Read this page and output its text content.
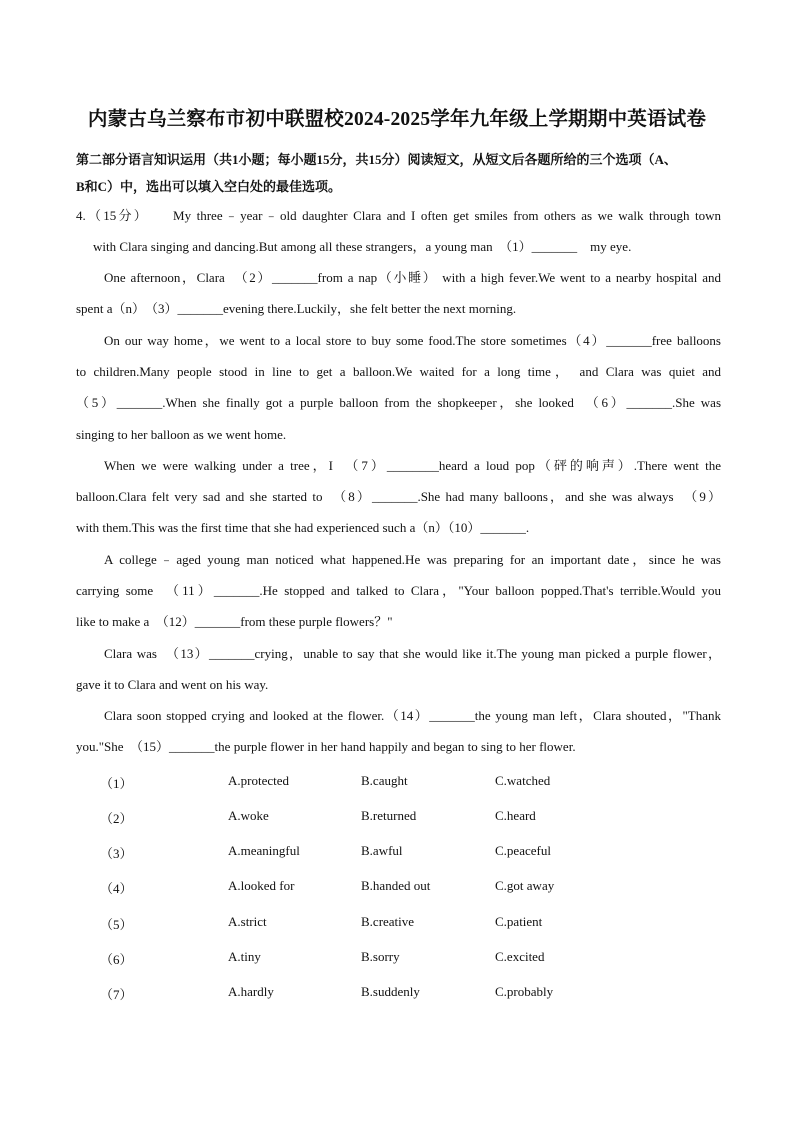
内蒙古乌兰察布市初中联盟校2024-2025学年九年级上学期期中英语试卷
第二部分语言知识运用（共1小题；每小题15分，共15分）阅读短文，从短文后各题所给的三个选项（A、
B和C）中，选出可以填入空白处的最佳选项。
4.（15分）　　My three﹣year﹣old daughter Clara and I often get smiles from others as we walk through town
with Clara singing and dancing.But among all these strangers，a young man　（1）_______　my eye.
One afternoon，Clara　（2）_______from a nap（小睡） with a high fever.We went to a nearby hospital and
spent a（n）　（3）_______evening there.Luckily，she felt better the next morning.
On our way home，we went to a local store to buy some food.The store sometimes（4）_______free balloons
to children.Many people stood in line to get a balloon.We waited for a long time， and Clara was quiet and
（5）_______.When she finally got a purple balloon from the shopkeeper，she looked　（6）_______.She was
singing to her balloon as we went home.
When we were walking under a tree，I　（7）________heard a loud pop（砰的响声）.There went the
balloon.Clara felt very sad and she started to　（8）_______.She had many balloons，and she was always　（9）
with them.This was the first time that she had experienced such a（n）（10）_______.
A college﹣aged young man noticed what happened.He was preparing for an important date，since he was
carrying some　（11）_______.He stopped and talked to Clara，"Your balloon popped.That's terrible.Would you
like to make a　（12）_______from these purple flowers？"
Clara was　（13）_______crying，unable to say that she would like it.The young man picked a purple flower，
gave it to Clara and went on his way.
Clara soon stopped crying and looked at the flower.（14）_______the young man left，Clara shouted，"Thank
you."She　（15）_______the purple flower in her hand happily and began to sing to her flower.
（1）	A.protected	B.caught	C.watched
（2）	A.woke	B.returned	C.heard
（3）	A.meaningful	B.awful	C.peaceful
（4）	A.looked for	B.handed out	C.got away
（5）	A.strict	B.creative	C.patient
（6）	A.tiny	B.sorry	C.excited
（7）	A.hardly	B.suddenly	C.probably
